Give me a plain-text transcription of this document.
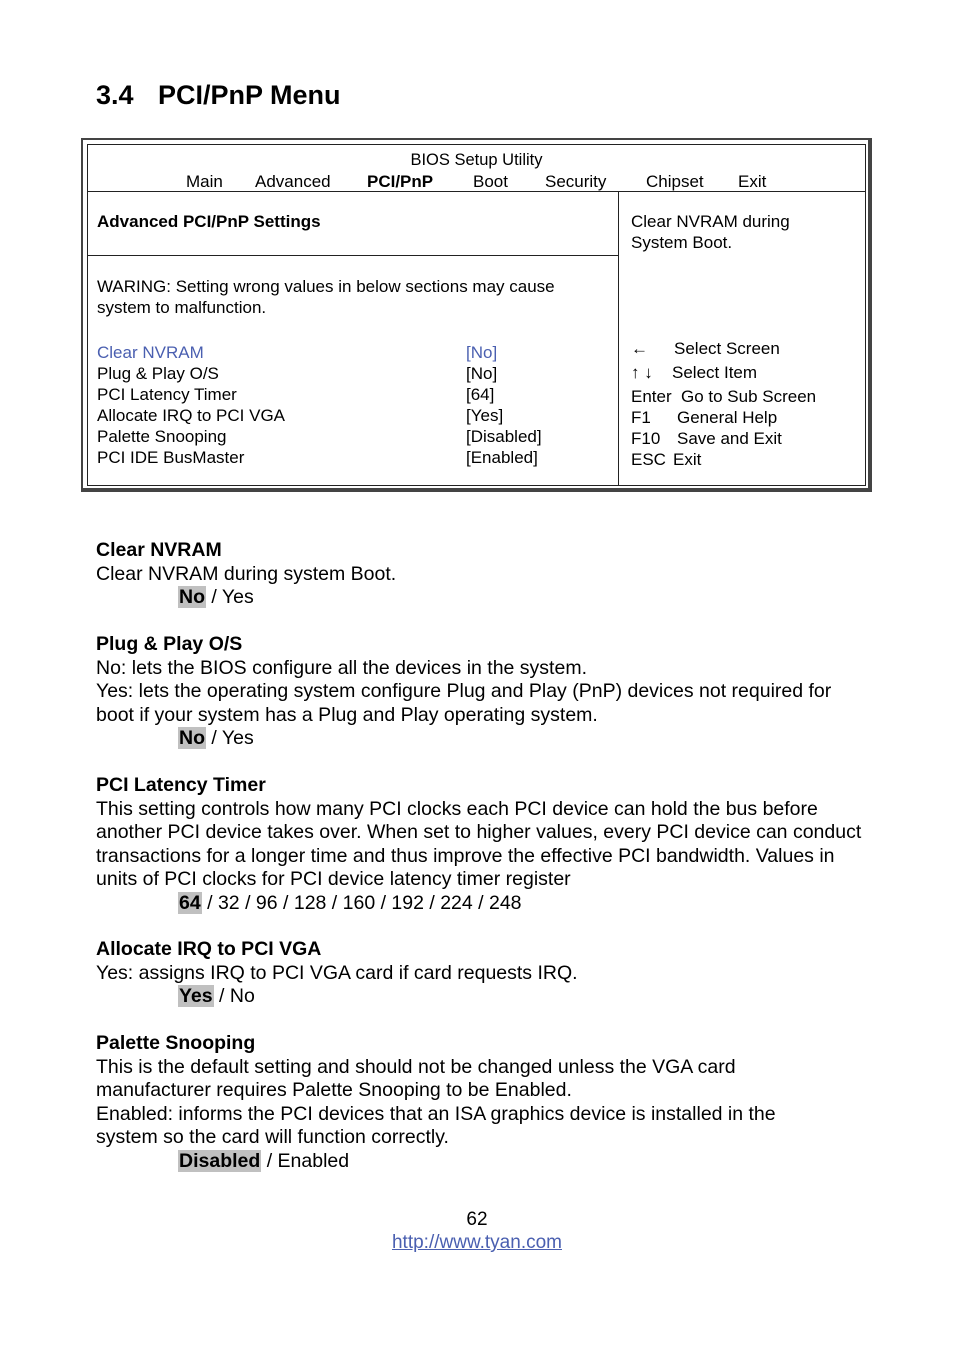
3.4 PCI/PnP Menu
BIOS Setup Utility
Main Advanced PCI/PnP Boot Security Chipset Exit
Advanced PCI/PnP Settings
WARING: Setting wrong values in below sections may cause system to malfunction.
Clear NVRAM	[No]
Plug & Play O/S	[No]
PCI Latency Timer	[64]
Allocate IRQ to PCI VGA	[Yes]
Palette Snooping	[Disabled]
PCI IDE BusMaster	[Enabled]
Clear NVRAM during System Boot.
← Select Screen
↑ ↓ Select Item
Enter Go to Sub Screen
F1 General Help
F10 Save and Exit
ESC Exit
Clear NVRAM
Clear NVRAM during system Boot.
No / Yes
Plug & Play O/S
No: lets the BIOS configure all the devices in the system.
Yes: lets the operating system configure Plug and Play (PnP) devices not required for boot if your system has a Plug and Play operating system.
No / Yes
PCI Latency Timer
This setting controls how many PCI clocks each PCI device can hold the bus before another PCI device takes over. When set to higher values, every PCI device can conduct transactions for a longer time and thus improve the effective PCI bandwidth. Values in units of PCI clocks for PCI device latency timer register
64 / 32 / 96 / 128 / 160 / 192 / 224 / 248
Allocate IRQ to PCI VGA
Yes: assigns IRQ to PCI VGA card if card requests IRQ.
Yes / No
Palette Snooping
This is the default setting and should not be changed unless the VGA card manufacturer requires Palette Snooping to be Enabled.
Enabled: informs the PCI devices that an ISA graphics device is installed in the system so the card will function correctly.
Disabled / Enabled
62
http://www.tyan.com
